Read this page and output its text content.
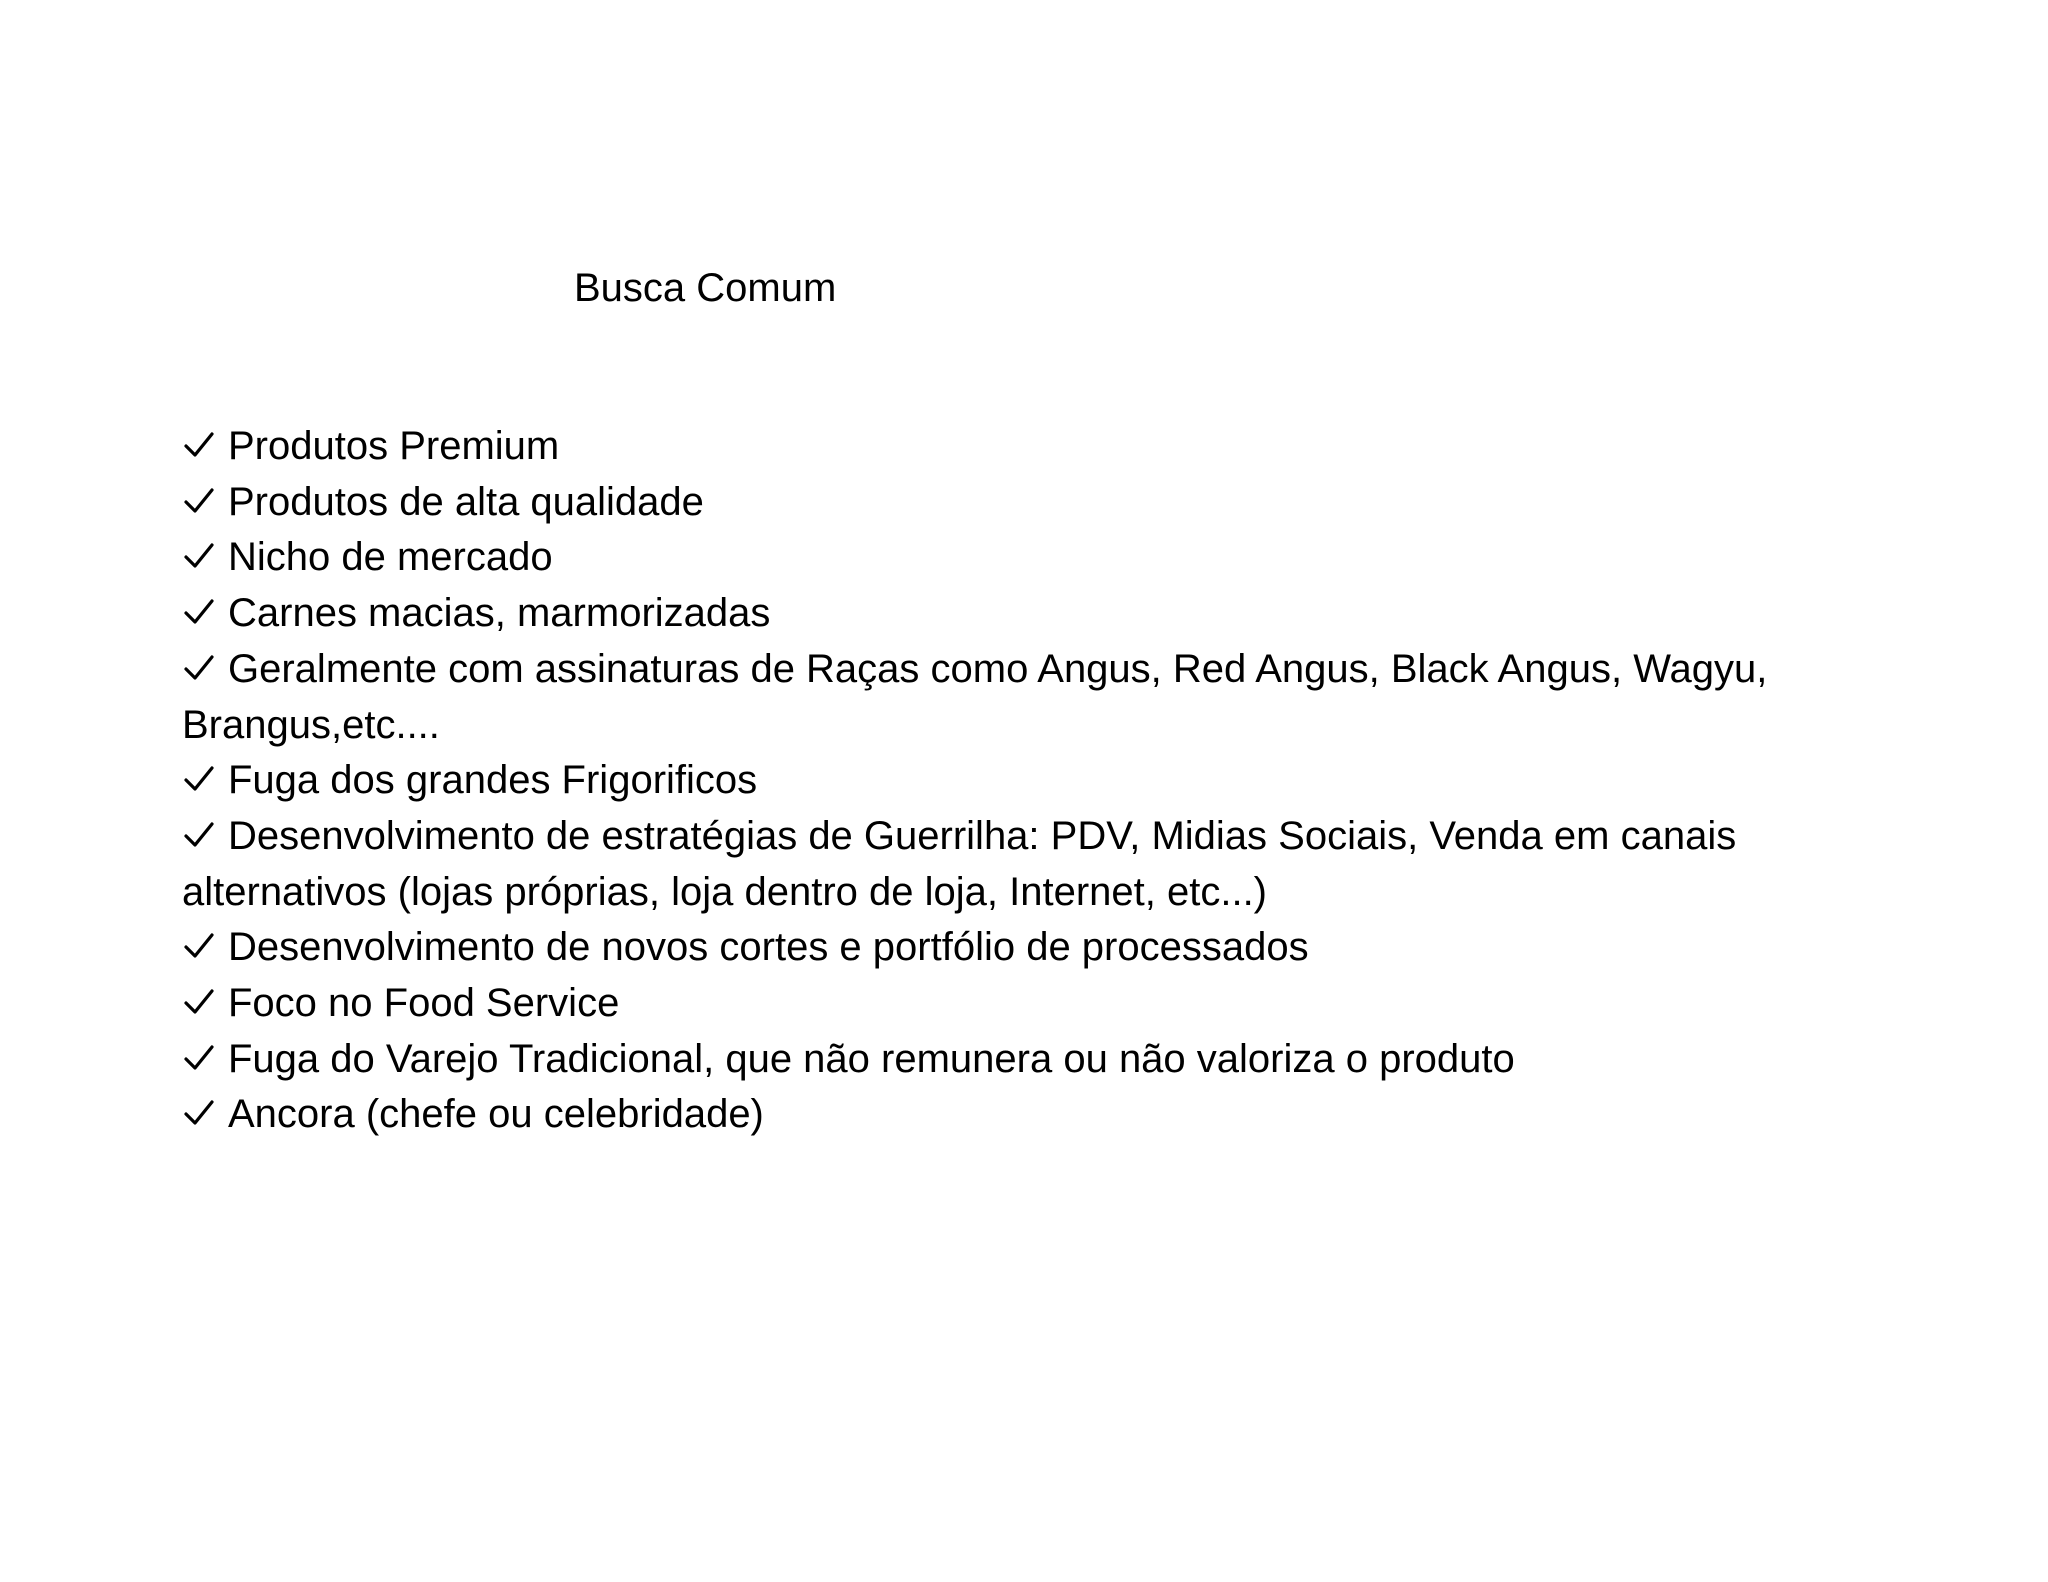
Busca Comum
Produtos Premium
Produtos de alta qualidade
Nicho de mercado
Carnes macias, marmorizadas
Geralmente com assinaturas de Raças como Angus, Red Angus, Black Angus, Wagyu, Brangus,etc....
Fuga dos grandes Frigorificos
Desenvolvimento de estratégias de Guerrilha: PDV, Midias Sociais, Venda em canais alternativos (lojas próprias, loja dentro de loja, Internet, etc...)
Desenvolvimento de novos cortes e portfólio de processados
Foco no Food Service
Fuga do Varejo Tradicional, que não remunera ou não valoriza o produto
Ancora (chefe ou celebridade)
